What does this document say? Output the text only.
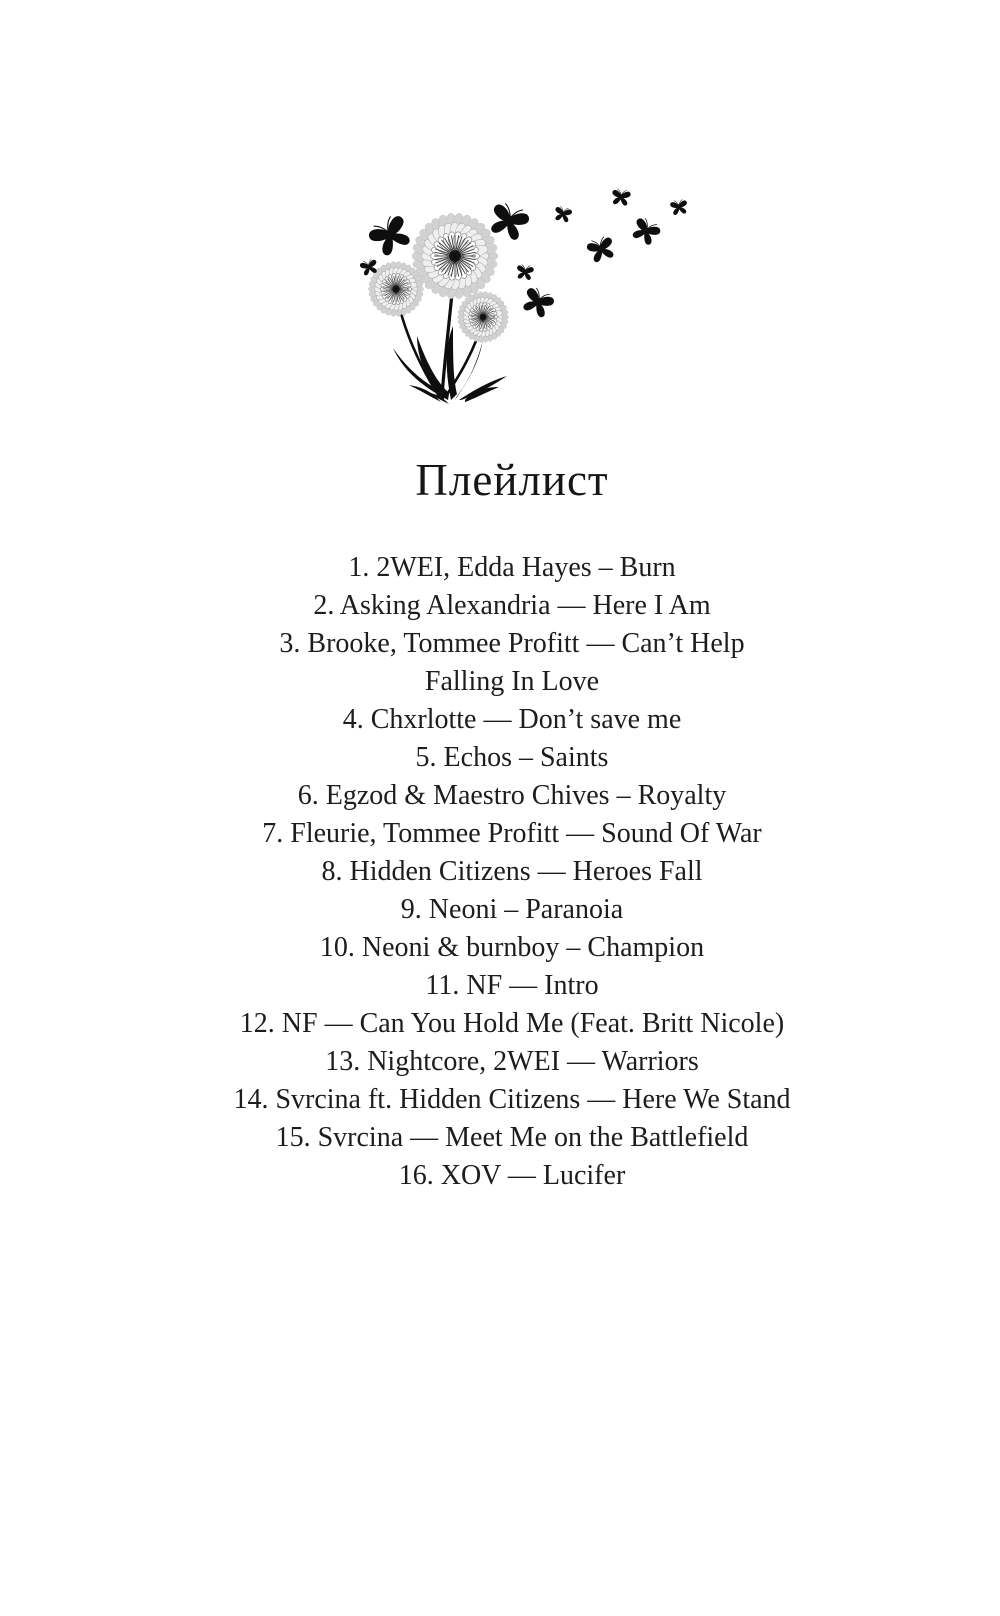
Плейлист
1. 2WEI, Edda Hayes – Burn
2. Asking Alexandria — Here I Am
3. Brooke, Tommee Profitt — Can’t Help
Falling In Love
4. Chxrlotte — Don’t save me
5. Echos – Saints
6. Egzod & Maestro Chives – Royalty
7. Fleurie, Tommee Profitt — Sound Of War
8. Hidden Citizens — Heroes Fall
9. Neoni – Paranoia
10. Neoni & burnboy – Champion
11. NF — Intro
12. NF — Can You Hold Me (Feat. Britt Nicole)
13. Nightcore, 2WEI — Warriors
14. Svrcina ft. Hidden Citizens — Here We Stand
15. Svrcina — Meet Me on the Battlefield
16. XOV — Lucifer
